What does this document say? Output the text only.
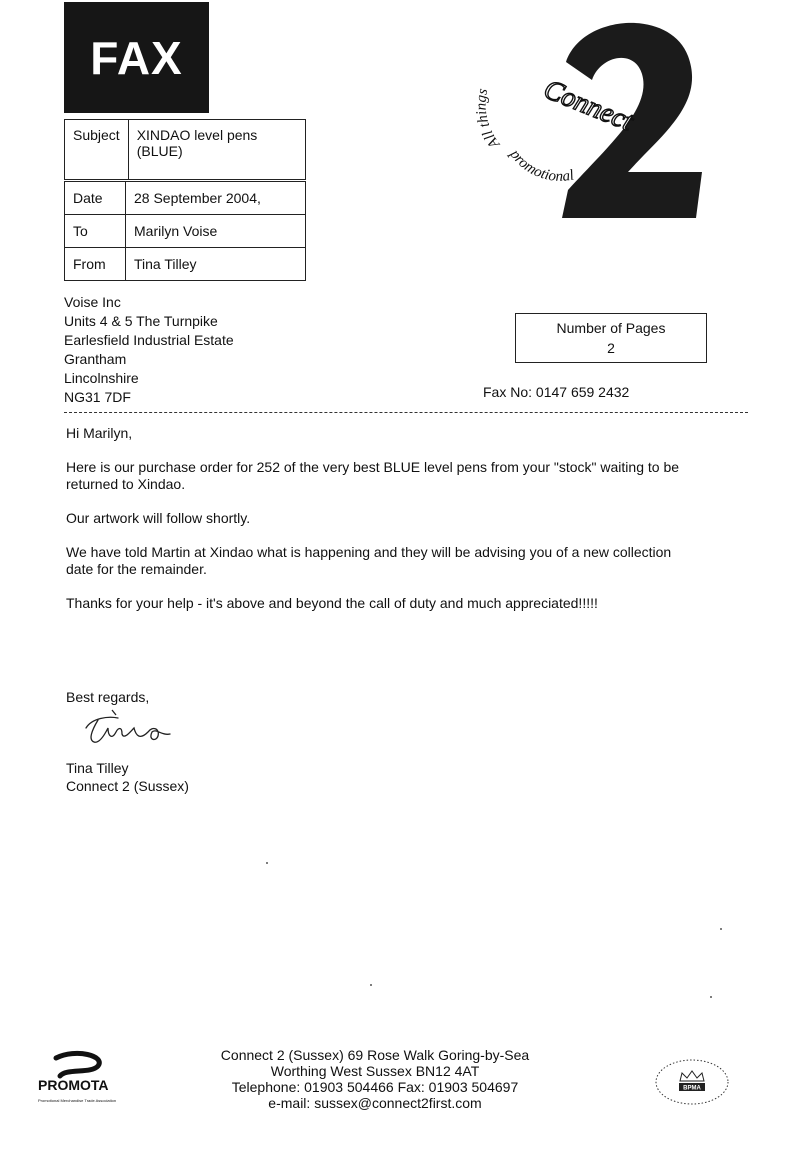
FAX
Subject	XINDAO level pens
(BLUE)
Date	28 September 2004,
To	Marilyn Voise
From	Tina Tilley
All things
promotional
Connect
2
Voise Inc
Units 4 & 5 The Turnpike
Earlesfield Industrial Estate
Grantham
Lincolnshire
NG31 7DF
Number of Pages
2
Fax No: 0147 659 2432

Hi Marilyn,

Here is our purchase order for 252 of the very best BLUE level pens from your "stock" waiting to be returned to Xindao.

Our artwork will follow shortly.

We have told Martin at Xindao what is happening and they will be advising you of a new collection date for the remainder.

Thanks for your help - it's above and beyond the call of duty and much appreciated!!!!!

Best regards,
Tina
Tina Tilley
Connect 2 (Sussex)
Connect 2 (Sussex) 69 Rose Walk Goring-by-Sea
Worthing West Sussex BN12 4AT
Telephone: 01903 504466 Fax: 01903 504697
e-mail: sussex@connect2first.com
PROMOTA
Promotional Merchandise Trade Association
BPMA
